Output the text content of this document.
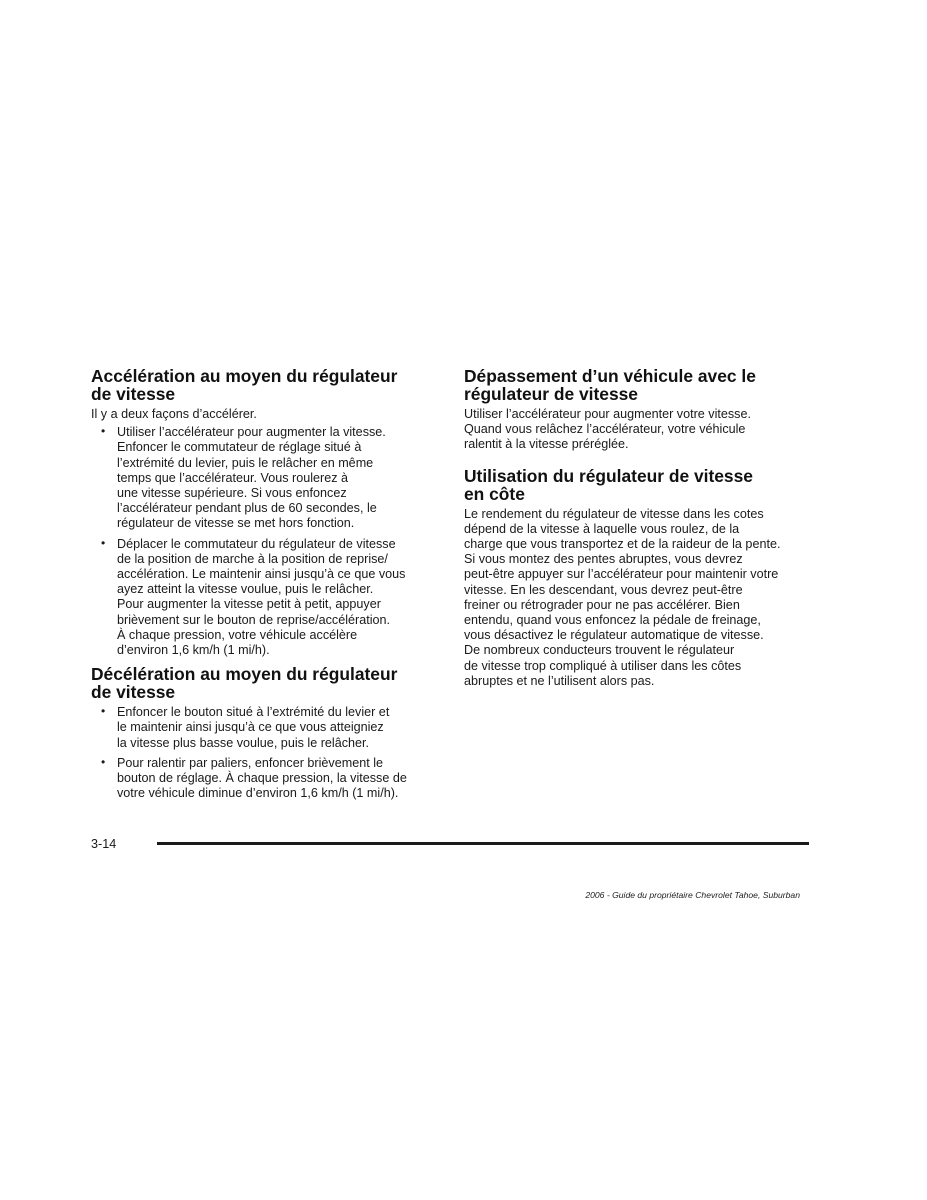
Accélération au moyen du régulateur
de vitesse

Il y a deux façons d’accélérer.

• Utiliser l’accélérateur pour augmenter la vitesse.
Enfoncer le commutateur de réglage situé à
l’extrémité du levier, puis le relâcher en même
temps que l’accélérateur. Vous roulerez à
une vitesse supérieure. Si vous enfoncez
l’accélérateur pendant plus de 60 secondes, le
régulateur de vitesse se met hors fonction.
• Déplacer le commutateur du régulateur de vitesse
de la position de marche à la position de reprise/
accélération. Le maintenir ainsi jusqu’à ce que vous
ayez atteint la vitesse voulue, puis le relâcher.
Pour augmenter la vitesse petit à petit, appuyer
brièvement sur le bouton de reprise/accélération.
À chaque pression, votre véhicule accélère
d’environ 1,6 km/h (1 mi/h).
Décélération au moyen du régulateur
de vitesse
• Enfoncer le bouton situé à l’extrémité du levier et
le maintenir ainsi jusqu’à ce que vous atteigniez
la vitesse plus basse voulue, puis le relâcher.
• Pour ralentir par paliers, enfoncer brièvement le
bouton de réglage. À chaque pression, la vitesse de
votre véhicule diminue d’environ 1,6 km/h (1 mi/h).
Dépassement d’un véhicule avec le
régulateur de vitesse

Utiliser l’accélérateur pour augmenter votre vitesse.
Quand vous relâchez l’accélérateur, votre véhicule
ralentit à la vitesse préréglée.

Utilisation du régulateur de vitesse
en côte

Le rendement du régulateur de vitesse dans les cotes
dépend de la vitesse à laquelle vous roulez, de la
charge que vous transportez et de la raideur de la pente.
Si vous montez des pentes abruptes, vous devrez
peut-être appuyer sur l’accélérateur pour maintenir votre
vitesse. En les descendant, vous devrez peut-être
freiner ou rétrograder pour ne pas accélérer. Bien
entendu, quand vous enfoncez la pédale de freinage,
vous désactivez le régulateur automatique de vitesse.
De nombreux conducteurs trouvent le régulateur
de vitesse trop compliqué à utiliser dans les côtes
abruptes et ne l’utilisent alors pas.

3-14
2006 - Guide du propriétaire Chevrolet Tahoe, Suburban
